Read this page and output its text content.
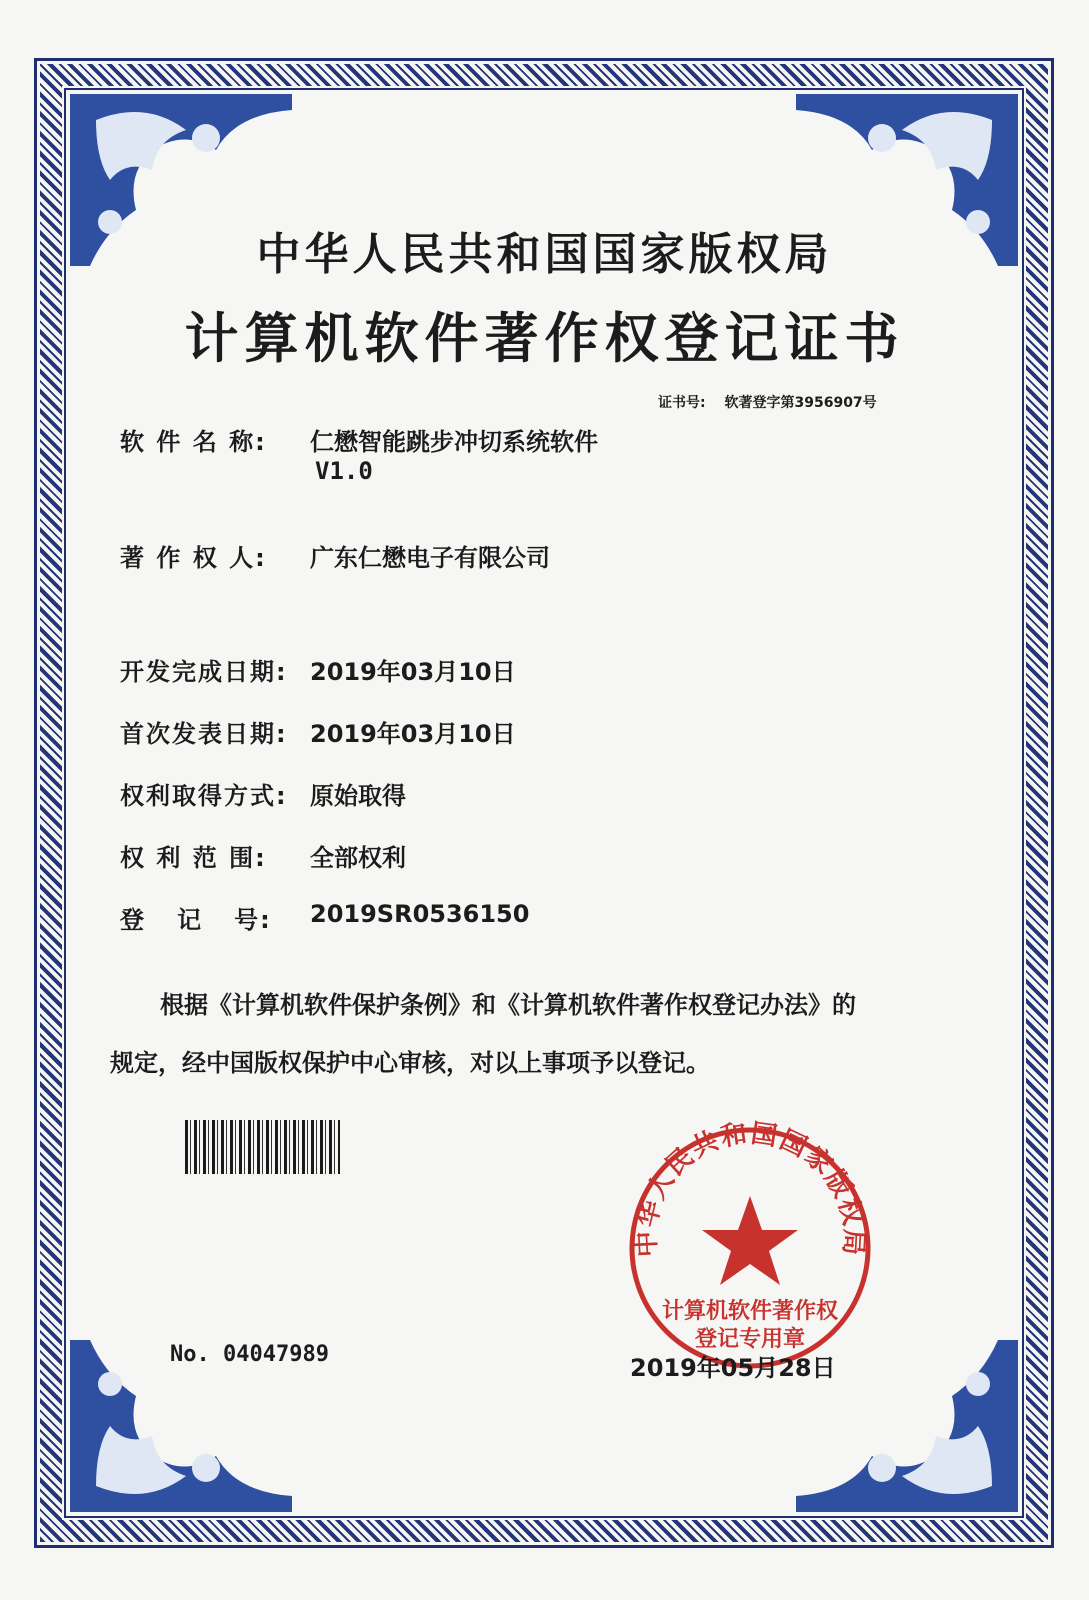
中华人民共和国国家版权局
计算机软件著作权登记证书
证书号: 软著登字第3956907号
软 件 名 称: 仁懋智能跳步冲切系统软件
V1.0
著 作 权 人: 广东仁懋电子有限公司
开发完成日期: 2019年03月10日
首次发表日期: 2019年03月10日
权利取得方式: 原始取得
权 利 范 围: 全部权利
登   记   号: 2019SR0536150
根据《计算机软件保护条例》和《计算机软件著作权登记办法》的
规定，经中国版权保护中心审核，对以上事项予以登记。
中华人民共和国国家版权局
计算机软件著作权
登记专用章
No. 04047989	2019年05月28日
